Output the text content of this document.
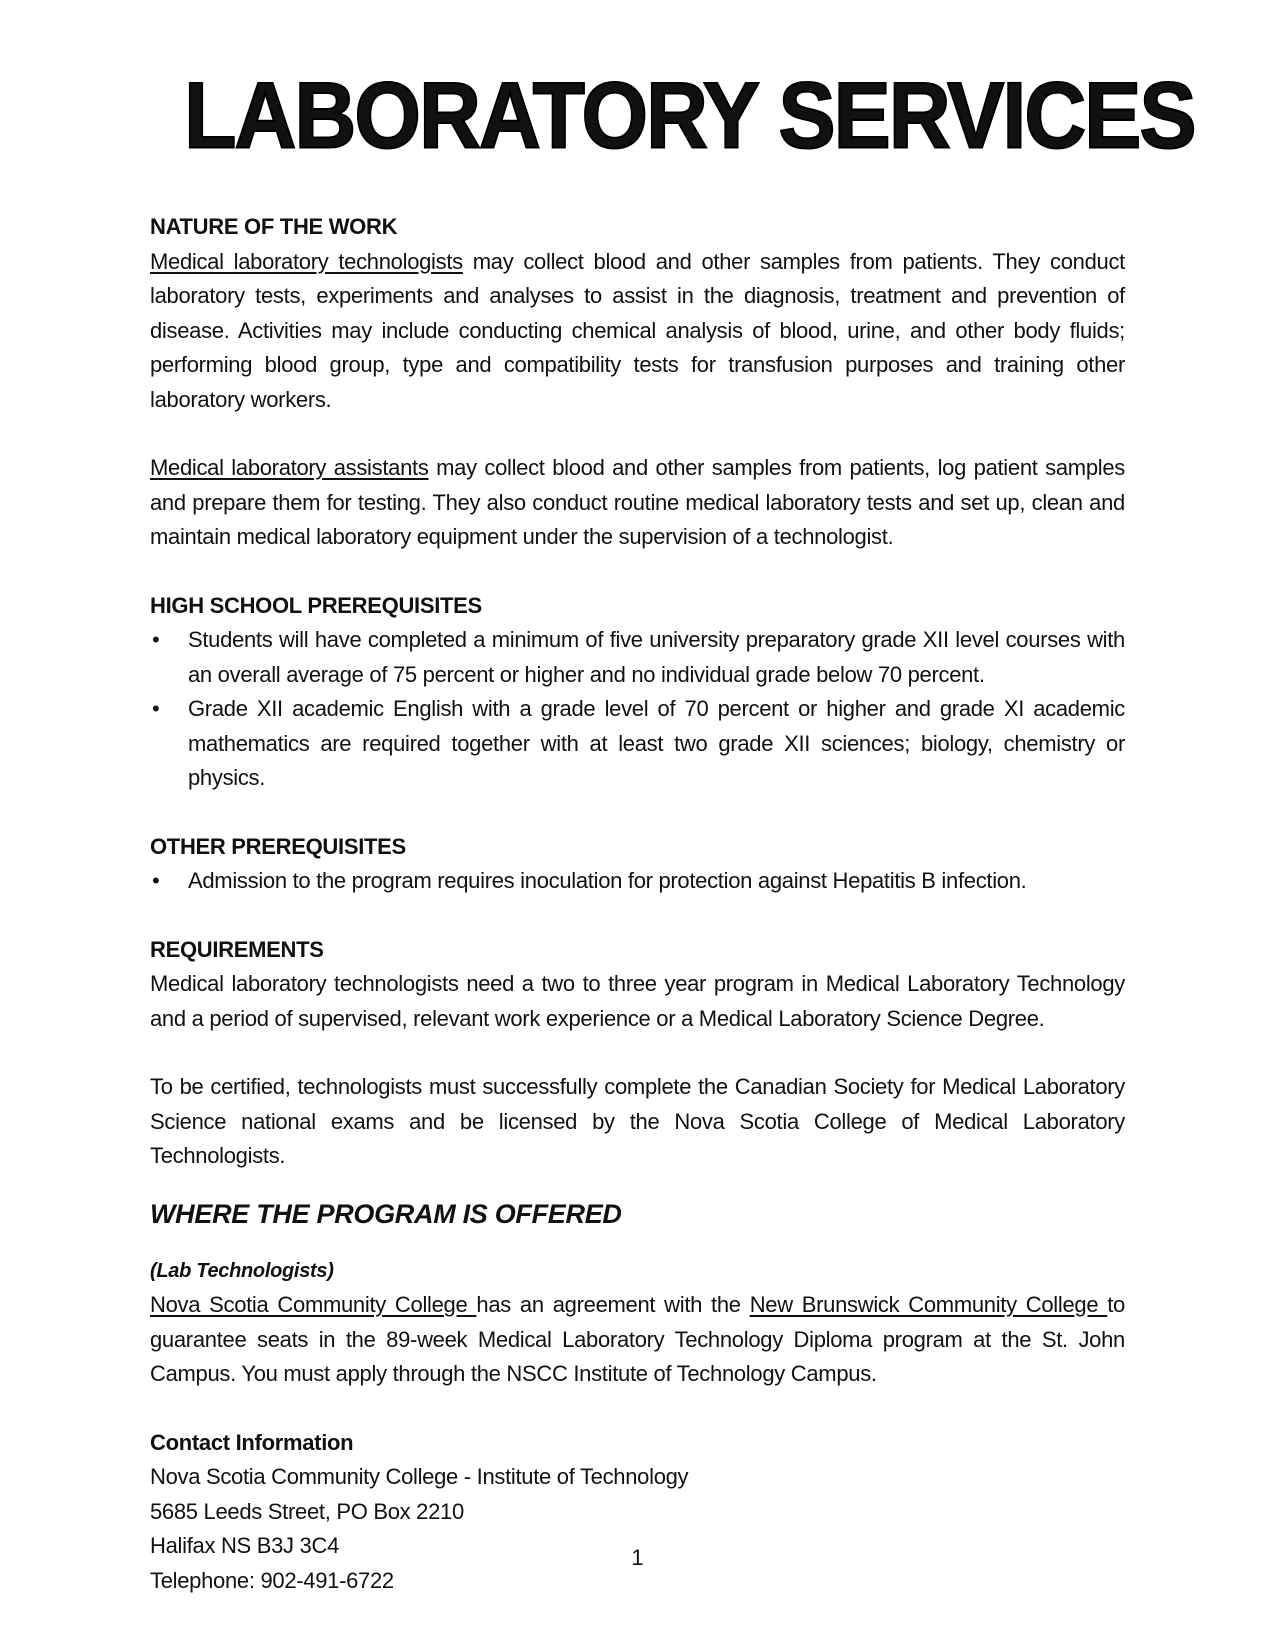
LABORATORY SERVICES
NATURE OF THE WORK

Medical laboratory technologists may collect blood and other samples from patients. They conduct laboratory tests, experiments and analyses to assist in the diagnosis, treatment and prevention of disease. Activities may include conducting chemical analysis of blood, urine, and other body fluids; performing blood group, type and compatibility tests for transfusion purposes and training other laboratory workers.

Medical laboratory assistants may collect blood and other samples from patients, log patient samples and prepare them for testing. They also conduct routine medical laboratory tests and set up, clean and maintain medical laboratory equipment under the supervision of a technologist.

HIGH SCHOOL PREREQUISITES
• Students will have completed a minimum of five university preparatory grade XII level courses with an overall average of 75 percent or higher and no individual grade below 70 percent.
• Grade XII academic English with a grade level of 70 percent or higher and grade XI academic mathematics are required together with at least two grade XII sciences; biology, chemistry or physics.
OTHER PREREQUISITES
• Admission to the program requires inoculation for protection against Hepatitis B infection.
REQUIREMENTS

Medical laboratory technologists need a two to three year program in Medical Laboratory Technology and a period of supervised, relevant work experience or a Medical Laboratory Science Degree.

To be certified, technologists must successfully complete the Canadian Society for Medical Laboratory Science national exams and be licensed by the Nova Scotia College of Medical Laboratory Technologists.

WHERE THE PROGRAM IS OFFERED
(Lab Technologists)

Nova Scotia Community College has an agreement with the New Brunswick Community College to guarantee seats in the 89-week Medical Laboratory Technology Diploma program at the St. John Campus. You must apply through the NSCC Institute of Technology Campus.

Contact Information
Nova Scotia Community College - Institute of Technology
5685 Leeds Street, PO Box 2210
Halifax NS B3J 3C4
Telephone: 902-491-6722
1
